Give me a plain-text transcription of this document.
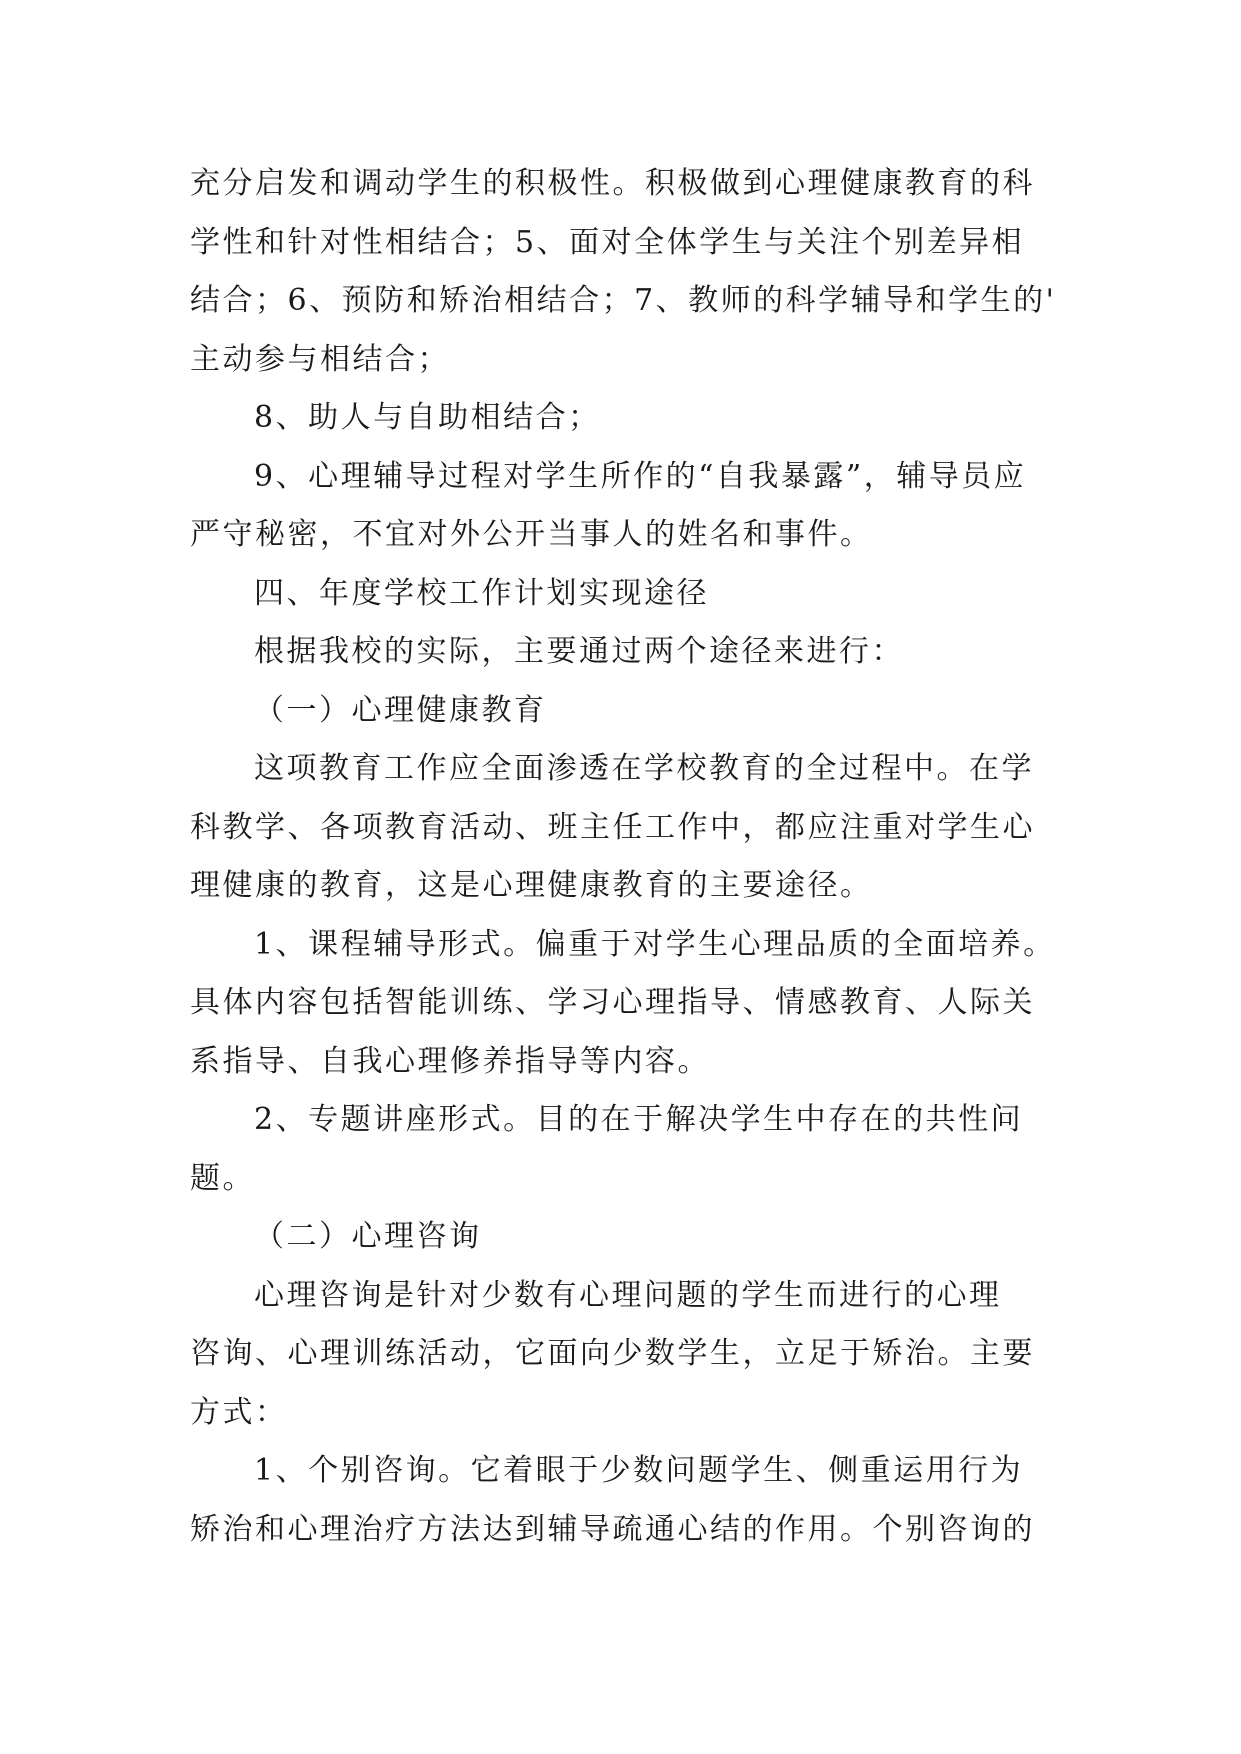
充分启发和调动学生的积极性。积极做到心理健康教育的科
学性和针对性相结合；5、面对全体学生与关注个别差异相
结合；6、预防和矫治相结合；7、教师的科学辅导和学生的'
主动参与相结合；
8、助人与自助相结合；
9、心理辅导过程对学生所作的“自我暴露”，辅导员应
严守秘密，不宜对外公开当事人的姓名和事件。
四、年度学校工作计划实现途径
根据我校的实际，主要通过两个途径来进行：
（一）心理健康教育
这项教育工作应全面渗透在学校教育的全过程中。在学
科教学、各项教育活动、班主任工作中，都应注重对学生心
理健康的教育，这是心理健康教育的主要途径。
1、课程辅导形式。偏重于对学生心理品质的全面培养。
具体内容包括智能训练、学习心理指导、情感教育、人际关
系指导、自我心理修养指导等内容。
2、专题讲座形式。目的在于解决学生中存在的共性问
题。
（二）心理咨询
心理咨询是针对少数有心理问题的学生而进行的心理
咨询、心理训练活动，它面向少数学生，立足于矫治。主要
方式：
1、个别咨询。它着眼于少数问题学生、侧重运用行为
矫治和心理治疗方法达到辅导疏通心结的作用。个别咨询的
